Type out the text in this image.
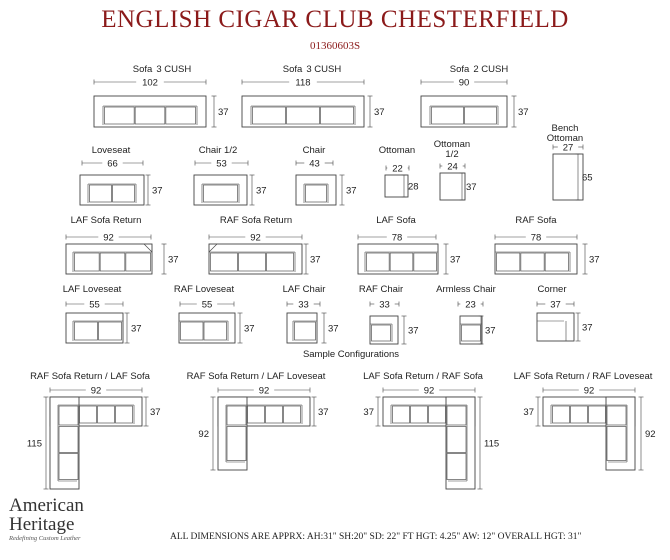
ENGLISH CIGAR CLUB CHESTERFIELD
01360603S
Sofa 3 CUSH
102
37
Sofa 3 CUSH
118
37
Sofa 2 CUSH
90
37
Loveseat
66
37
Chair 1/2
53
37
Chair
43
37
Ottoman
22
28
Ottoman
1/2
24
37
Bench
Ottoman
27
65
LAF Sofa Return
92
37
RAF Sofa Return
92
37
LAF Sofa
78
37
RAF Sofa
78
37
LAF Loveseat
55
37
RAF Loveseat
55
37
LAF Chair
33
37
RAF Chair
33
37
Armless Chair
23
37
Corner
37
37
Sample Configurations
RAF Sofa Return / LAF Sofa
92
37
115
RAF Sofa Return / LAF Loveseat
92
37
92
LAF Sofa Return / RAF Sofa
92
37
115
LAF Sofa Return / RAF Loveseat
92
37
92
American
Heritage
Redefining Custom Leather	ALL DIMENSIONS ARE APPRX: AH:31" SH:20" SD: 22" FT HGT: 4.25" AW: 12" OVERALL HGT: 31"
